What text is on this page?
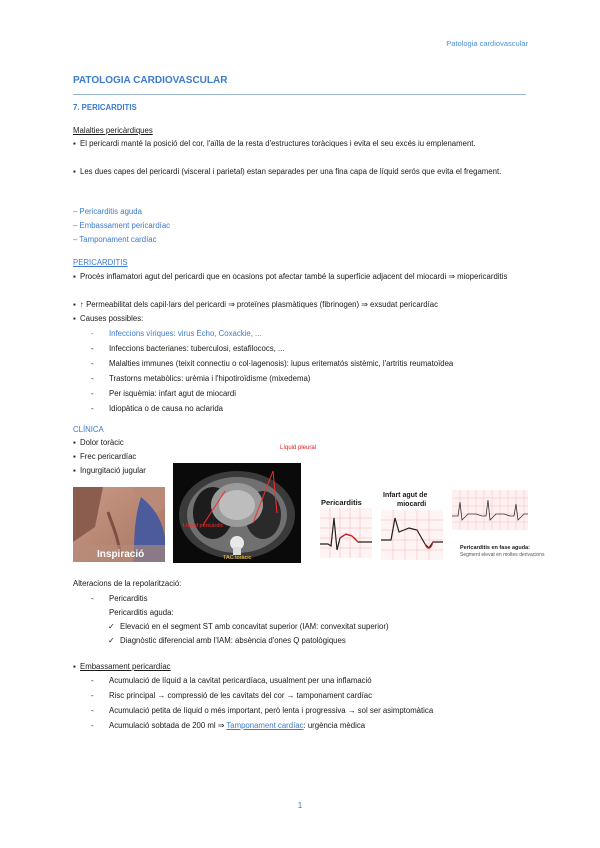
Patologia cardiovascular
PATOLOGIA CARDIOVASCULAR
7. PERICARDITIS
Malalties pericàrdiques
▪ El pericardi manté la posició del cor, l'aïlla de la resta d'estructures toràciques i evita el seu excés iu emplenament.
▪ Les dues capes del pericardi (visceral i parietal) estan separades per una fina capa de líquid serós que evita el fregament.
– Pericarditis aguda
– Embassament pericardíac
– Tamponament cardíac
PERICARDITIS
▪ Procés inflamatori agut del pericardi que en ocasions pot afectar també la superfície adjacent del miocardi ⇒ miopericarditis
▪ ↑ Permeabilitat dels capil·lars del pericardi ⇒ proteïnes plasmàtiques (fibrinogen) ⇒ exsudat pericardíac
▪ Causes possibles:
- Infeccions víriques: virus Echo, Coxackie, ...
- Infeccions bacterianes: tuberculosi, estafilococs, ...
- Malalties immunes (teixit connectiu o col·lagenosis): lupus eritematós sistèmic, l'artritis reumatoïdea
- Trastorns metabòlics: urèmia i l'hipotiroïdisme (mixedema)
- Per isquèmia: infart agut de miocardi
- Idiopàtica o de causa no aclarida
CLÍNICA
▪ Dolor toràcic
▪ Frec pericardíac
▪ Ingurgitació jugular
Inspiració
Líquid pericàrdic
TAC toràcic
Líquid pleural
Pericarditis
Infart agut de
miocardi
Pericarditis en fase aguda:
Segment elevat en moltes derivacions
Alteracions de la repolarització:
- Pericarditis
Pericarditis aguda:
✓ Elevació en el segment ST amb concavitat superior (IAM: convexitat superior)
✓ Diagnòstic diferencial amb l'IAM: absència d'ones Q patològiques
▪ Embassament pericardíac
- Acumulació de líquid a la cavitat pericardíaca, usualment per una inflamació
- Risc principal → compressió de les cavitats del cor → tamponament cardíac
- Acumulació petita de líquid o més important, però lenta i progressiva → sol ser asimptomàtica
- Acumulació sobtada de 200 ml ⇒ Tamponament cardíac: urgència mèdica
1
